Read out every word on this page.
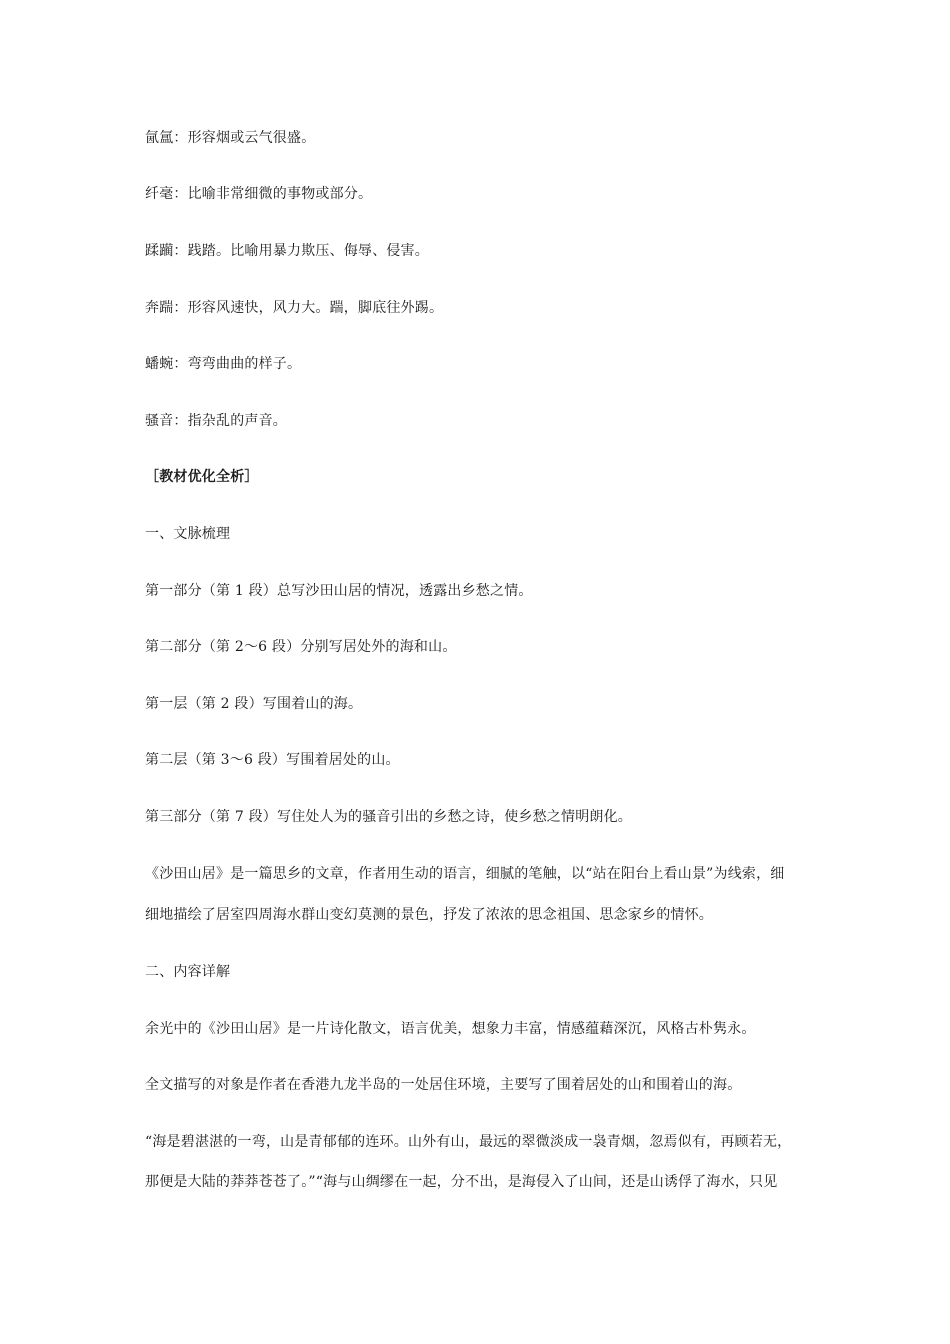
氤氲：形容烟或云气很盛。
纤毫：比喻非常细微的事物或部分。
蹂躏：践踏。比喻用暴力欺压、侮辱、侵害。
奔踹：形容风速快，风力大。踹，脚底往外踢。
蟠蜿：弯弯曲曲的样子。
骚音：指杂乱的声音。
［教材优化全析］
一、文脉梳理
第一部分（第 1 段）总写沙田山居的情况，透露出乡愁之情。
第二部分（第 2～6 段）分别写居处外的海和山。
第一层（第 2 段）写围着山的海。
第二层（第 3～6 段）写围着居处的山。
第三部分（第 7 段）写住处人为的骚音引出的乡愁之诗，使乡愁之情明朗化。
《沙田山居》是一篇思乡的文章，作者用生动的语言，细腻的笔触，以“站在阳台上看山景”为线索，细
细地描绘了居室四周海水群山变幻莫测的景色，抒发了浓浓的思念祖国、思念家乡的情怀。
二、内容详解
余光中的《沙田山居》是一片诗化散文，语言优美，想象力丰富，情感蕴藉深沉，风格古朴隽永。
全文描写的对象是作者在香港九龙半岛的一处居住环境，主要写了围着居处的山和围着山的海。
“海是碧湛湛的一弯，山是青郁郁的连环。山外有山，最远的翠微淡成一袅青烟，忽焉似有，再顾若无，
那便是大陆的莽莽苍苍了。”“海与山绸缪在一起，分不出，是海侵入了山间，还是山诱俘了海水，只见
